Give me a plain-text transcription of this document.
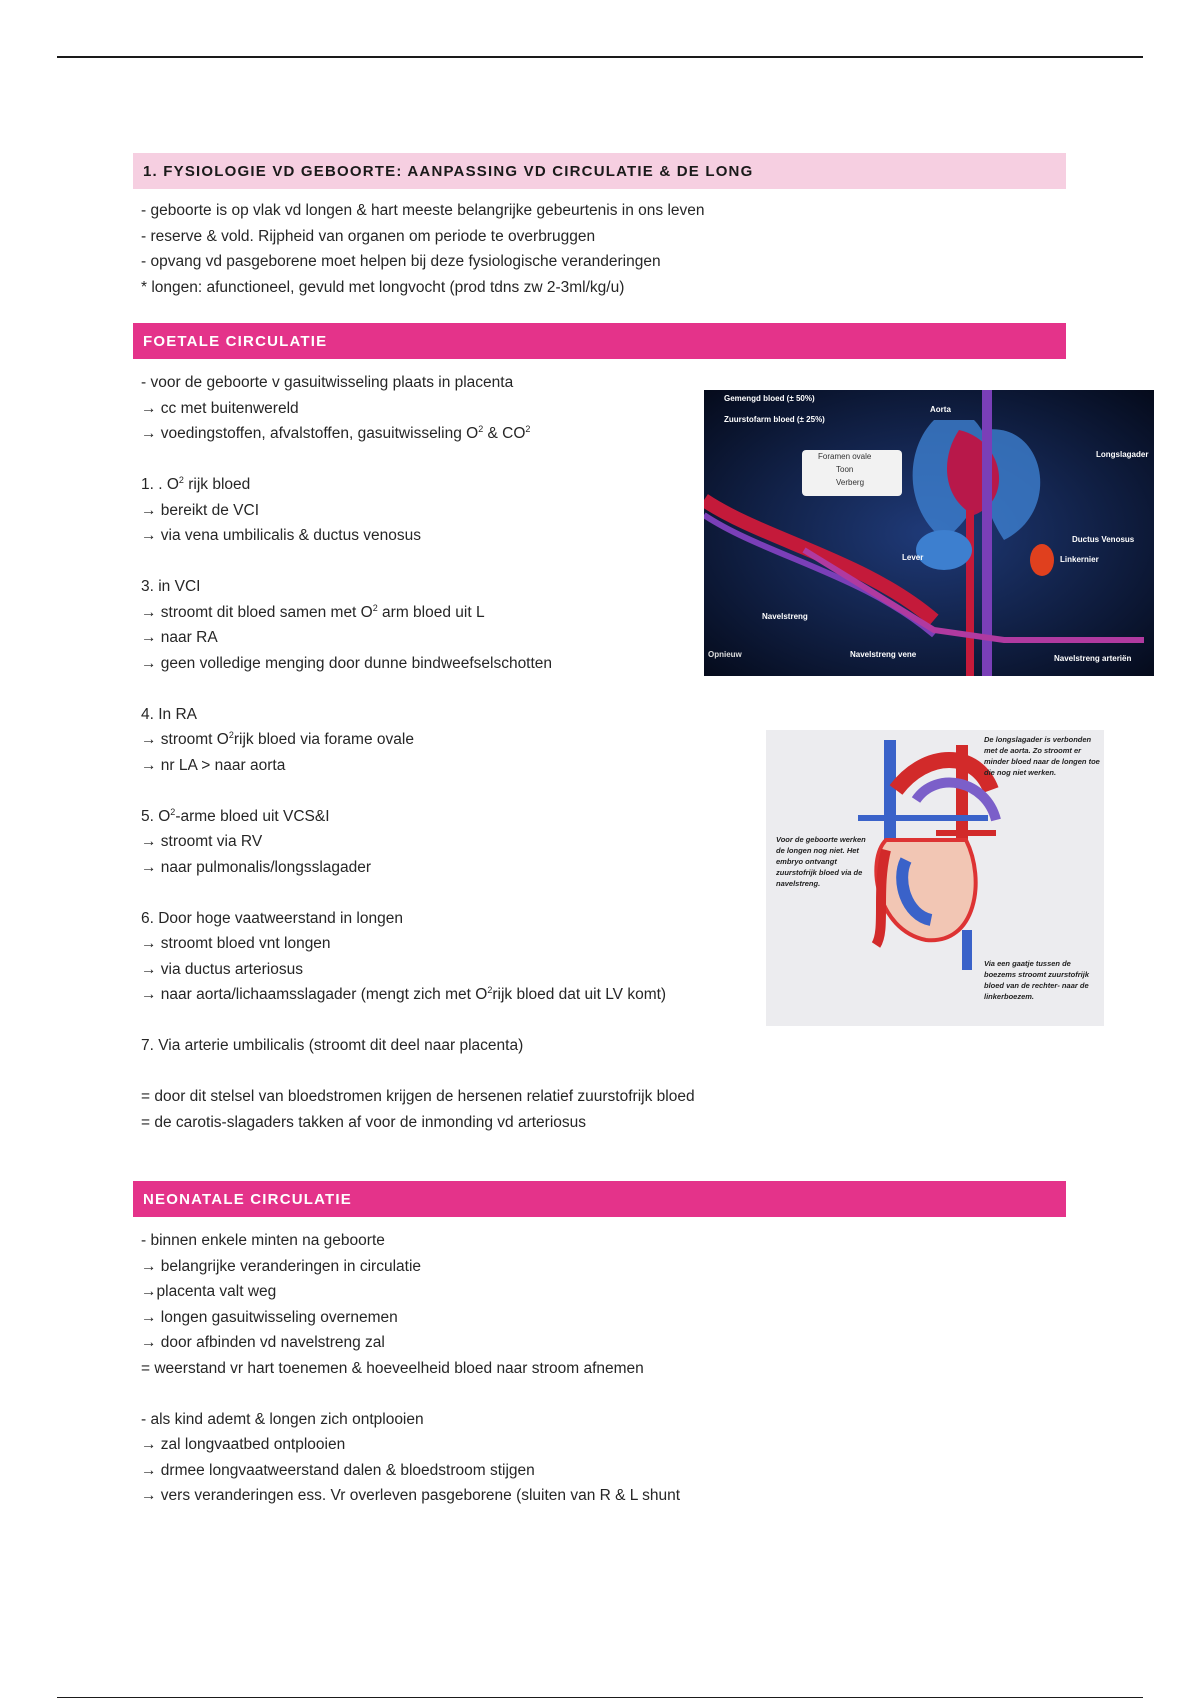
1. FYSIOLOGIE VD GEBOORTE: AANPASSING VD CIRCULATIE & DE LONG
- geboorte is op vlak vd longen & hart meeste belangrijke gebeurtenis in ons leven
- reserve & vold. Rijpheid van organen om periode te overbruggen
- opvang vd pasgeborene moet helpen bij deze fysiologische veranderingen
* longen: afunctioneel, gevuld met longvocht (prod tdns zw 2-3ml/kg/u)
FOETALE CIRCULATIE
- voor de geboorte v gasuitwisseling plaats in placenta
→ cc met buitenwereld
→ voedingstoffen, afvalstoffen, gasuitwisseling $O^2$ & $CO^2$
1. . $O^2$ rijk bloed
→ bereikt de VCI
→ via vena umbilicalis & ductus venosus
3. in VCI
→ stroomt dit bloed samen met $O^2$ arm bloed uit L
→ naar RA
→ geen volledige menging door dunne bindweefselschotten
4. In RA
→ stroomt $O^2rijk$ bloed via forame ovale
→ nr LA > naar aorta
5. $O^2$-arme bloed uit VCS&I
→ stroomt via RV
→ naar pulmonalis/longsslagader
6. Door hoge vaatweerstand in longen
→ stroomt bloed vnt longen
→ via ductus arteriosus
→ naar aorta/lichaamsslagader (mengt zich met $O^2rijk$ bloed dat uit LV komt)
7. Via arterie umbilicalis (stroomt dit deel naar placenta)
= door dit stelsel van bloedstromen krijgen de hersenen relatief zuurstofrijk bloed
= de carotis-slagaders takken af voor de inmonding vd arteriosus
Gemengd bloed (± 50%)
Zuurstofarm bloed (± 25%)
Foramen ovale
Toon
Verberg
Aorta
Longslagader
Ductus Venosus
Linkernier
Lever
Navelstreng
Navelstreng vene	Navelstreng arteriën
Opnieuw
De longslagader is verbonden met de aorta. Zo stroomt er minder bloed naar de longen toe die nog niet werken.
Voor de geboorte werken de longen nog niet. Het embryo ontvangt zuurstofrijk bloed via de navelstreng.
Via een gaatje tussen de boezems stroomt zuurstofrijk bloed van de rechter- naar de linkerboezem.
NEONATALE CIRCULATIE
- binnen enkele minten na geboorte
→ belangrijke veranderingen in circulatie
→placenta valt weg
→ longen gasuitwisseling overnemen
→ door afbinden vd navelstreng zal
= weerstand vr hart toenemen & hoeveelheid bloed naar stroom afnemen
- als kind ademt & longen zich ontplooien
→ zal longvaatbed ontplooien
→ drmee longvaatweerstand dalen & bloedstroom stijgen
→ vers veranderingen ess. Vr overleven pasgeborene (sluiten van R & L shunt
